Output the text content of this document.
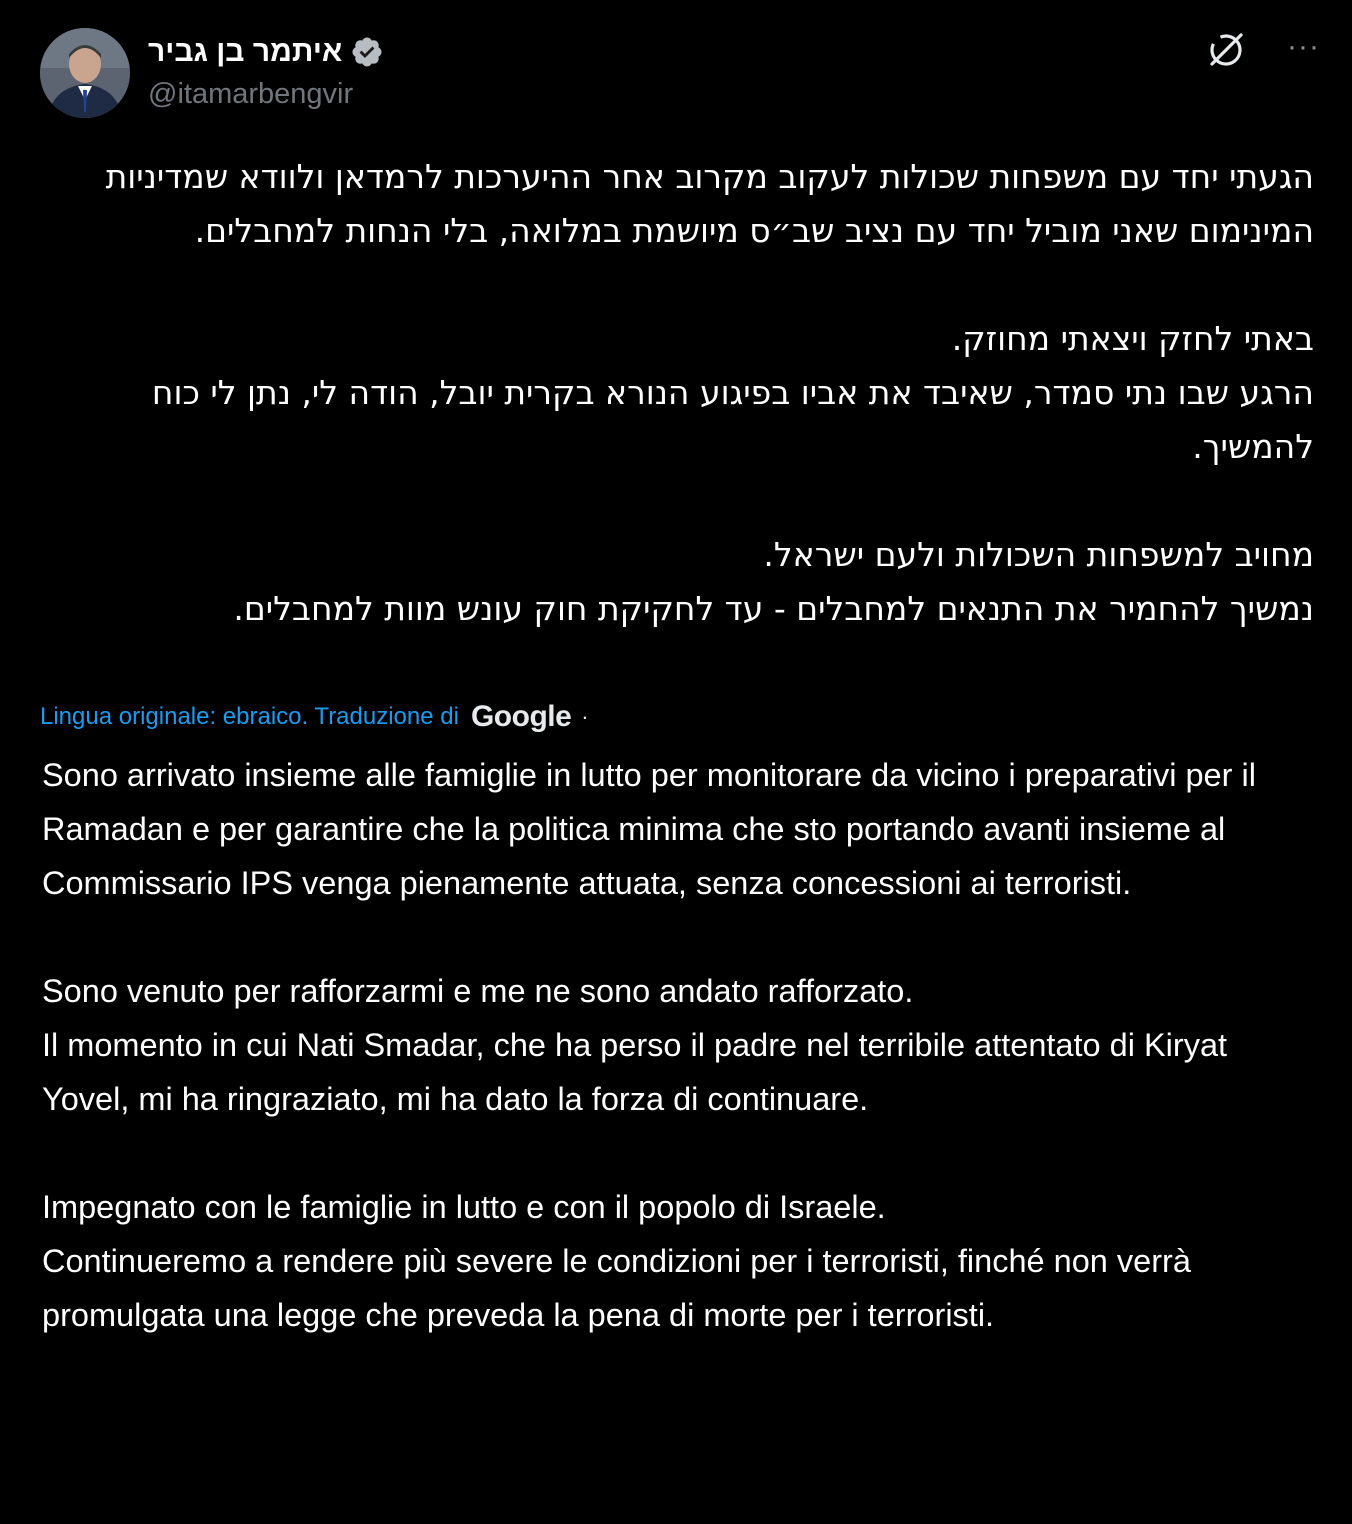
איתמר בן גביר
@itamarbengvir
···

הגעתי יחד עם משפחות שכולות לעקוב מקרוב אחר ההיערכות לרמדאן ולוודא שמדיניות המינימום שאני מוביל יחד עם נציב שב״ס מיושמת במלואה, בלי הנחות למחבלים.

באתי לחזק ויצאתי מחוזק.

הרגע שבו נתי סמדר, שאיבד את אביו בפיגוע הנורא בקרית יובל, הודה לי, נתן לי כוח להמשיך.

מחויב למשפחות השכולות ולעם ישראל.

נמשיך להחמיר את התנאים למחבלים - עד לחקיקת חוק עונש מוות למחבלים.

Lingua originale: ebraico. Traduzione di Google ·

Sono arrivato insieme alle famiglie in lutto per monitorare da vicino i preparativi per il Ramadan e per garantire che la politica minima che sto portando avanti insieme al Commissario IPS venga pienamente attuata, senza concessioni ai terroristi.

Sono venuto per rafforzarmi e me ne sono andato rafforzato.

Il momento in cui Nati Smadar, che ha perso il padre nel terribile attentato di Kiryat Yovel, mi ha ringraziato, mi ha dato la forza di continuare.

Impegnato con le famiglie in lutto e con il popolo di Israele.

Continueremo a rendere più severe le condizioni per i terroristi, finché non verrà promulgata una legge che preveda la pena di morte per i terroristi.
